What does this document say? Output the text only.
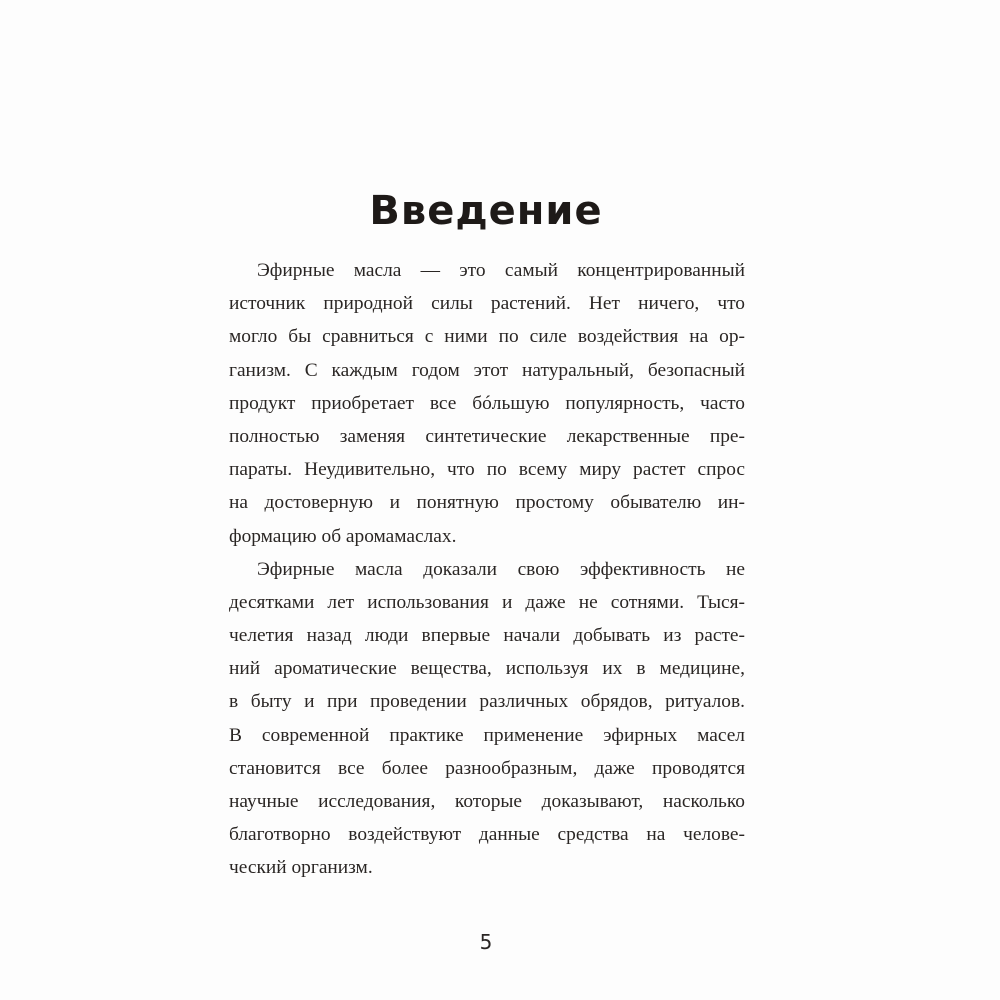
Введение
Эфирные масла — это самый концентрированный
источник природной силы растений. Нет ничего, что
могло бы сравниться с ними по силе воздействия на ор-
ганизм. С каждым годом этот натуральный, безопасный
продукт приобретает все бóльшую популярность, часто
полностью заменяя синтетические лекарственные пре-
параты. Неудивительно, что по всему миру растет спрос
на достоверную и понятную простому обывателю ин-
формацию об аромамаслах.
Эфирные масла доказали свою эффективность не
десятками лет использования и даже не сотнями. Тыся-
челетия назад люди впервые начали добывать из расте-
ний ароматические вещества, используя их в медицине,
в быту и при проведении различных обрядов, ритуалов.
В современной практике применение эфирных масел
становится все более разнообразным, даже проводятся
научные исследования, которые доказывают, насколько
благотворно воздействуют данные средства на челове-
ческий организм.
5
